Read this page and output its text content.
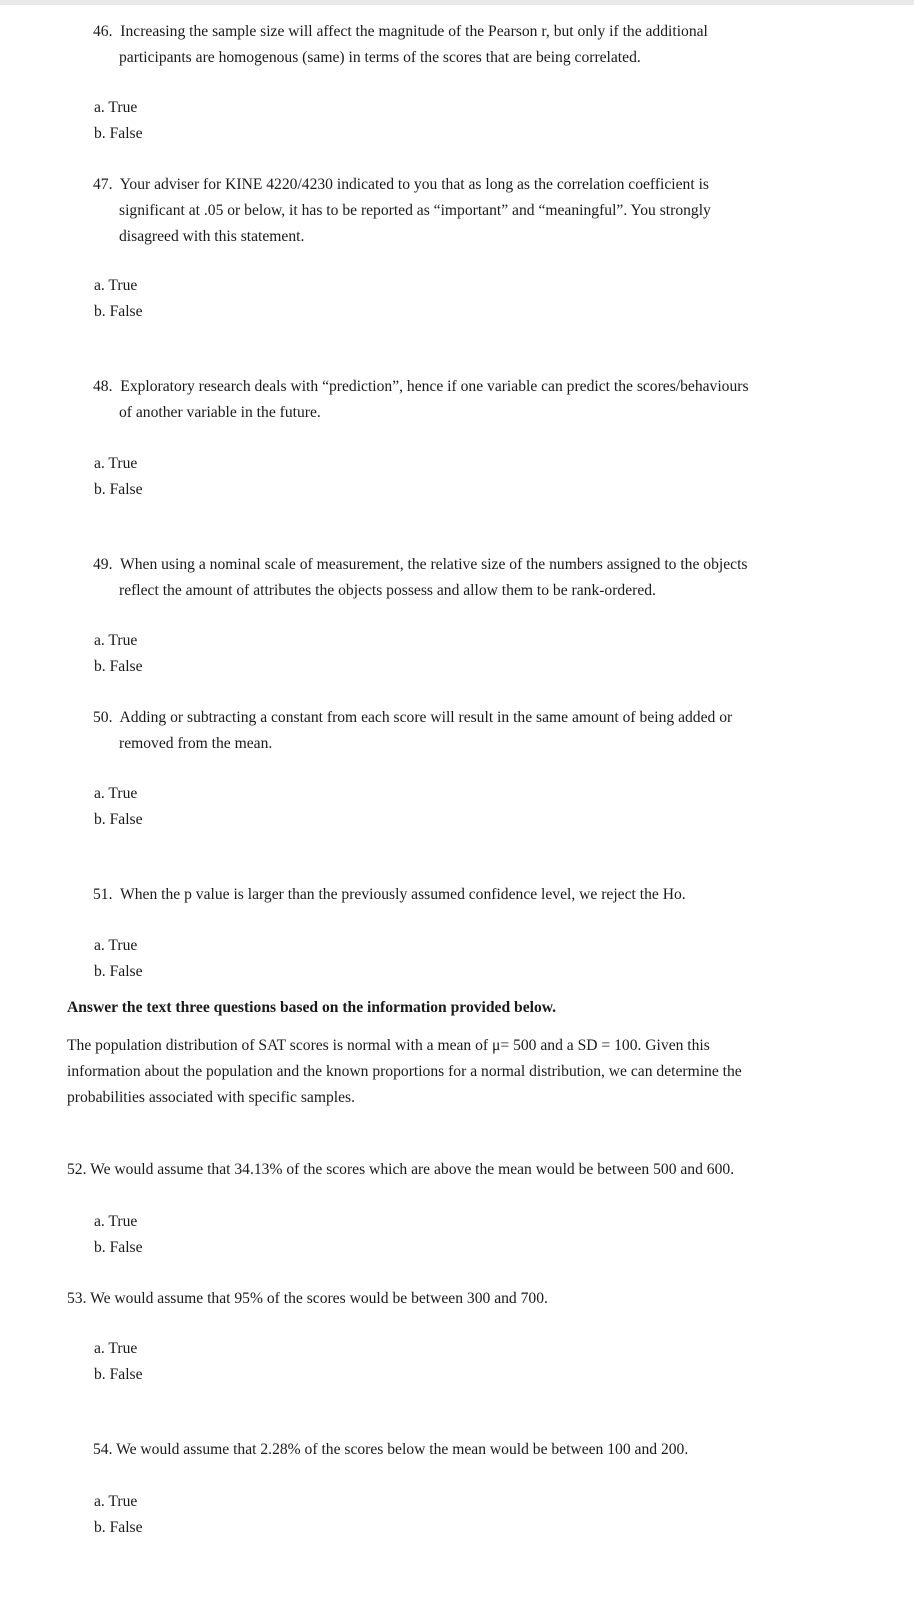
46. Increasing the sample size will affect the magnitude of the Pearson r, but only if the additional
participants are homogenous (same) in terms of the scores that are being correlated.
a. True
b. False
47. Your adviser for KINE 4220/4230 indicated to you that as long as the correlation coefficient is
significant at .05 or below, it has to be reported as “important” and “meaningful”. You strongly
disagreed with this statement.
a. True
b. False
48. Exploratory research deals with “prediction”, hence if one variable can predict the scores/behaviours
of another variable in the future.
a. True
b. False
49. When using a nominal scale of measurement, the relative size of the numbers assigned to the objects
reflect the amount of attributes the objects possess and allow them to be rank-ordered.
a. True
b. False
50. Adding or subtracting a constant from each score will result in the same amount of being added or
removed from the mean.
a. True
b. False
51. When the p value is larger than the previously assumed confidence level, we reject the Ho.
a. True
b. False
Answer the text three questions based on the information provided below.
The population distribution of SAT scores is normal with a mean of μ= 500 and a SD = 100. Given this
information about the population and the known proportions for a normal distribution, we can determine the
probabilities associated with specific samples.
52. We would assume that 34.13% of the scores which are above the mean would be between 500 and 600.
a. True
b. False
53. We would assume that 95% of the scores would be between 300 and 700.
a. True
b. False
54. We would assume that 2.28% of the scores below the mean would be between 100 and 200.
a. True
b. False
